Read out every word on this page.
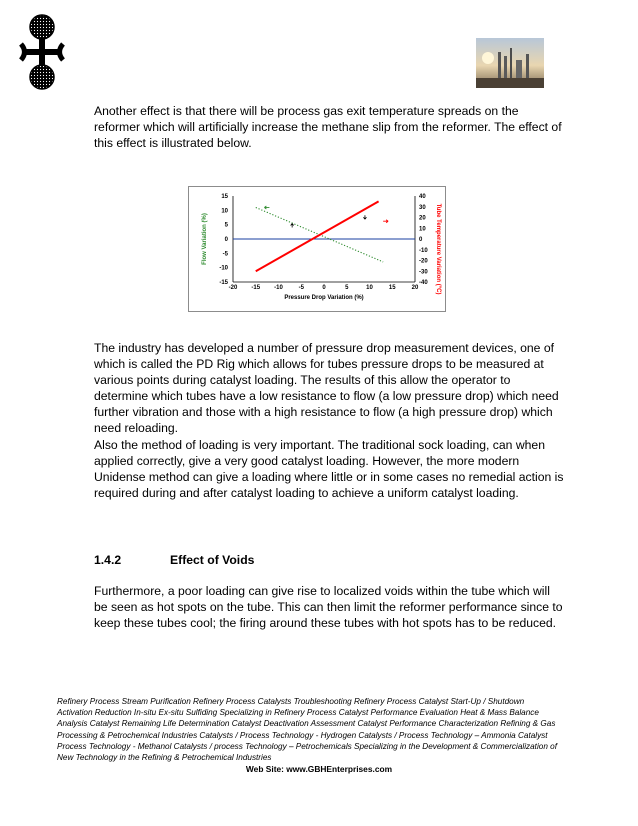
Another effect is that there will be process gas exit temperature spreads on the reformer which will artificially increase the methane slip from the reformer. The effect of this effect is illustrated below.

-20 -15 -10	-5	0	5	10	15	20
15
10
5
0
-5
-10
-15
40
30
20
10
0
-10
-20
-30
-40
Pressure Drop Variation (%)
Flow Variation (%)	Tube Temperature Variation (°C)

The industry has developed a number of pressure drop measurement devices, one of which is called the PD Rig which allows for tubes pressure drops to be measured at various points during catalyst loading. The results of this allow the operator to determine which tubes have a low resistance to flow (a low pressure drop) which need further vibration and those with a high resistance to flow (a high pressure drop) which need reloading.

Also the method of loading is very important. The traditional sock loading, can when applied correctly, give a very good catalyst loading. However, the more modern Unidense method can give a loading where little or in some cases no remedial action is required during and after catalyst loading to achieve a uniform catalyst loading.

1.4.2	Effect of Voids

Furthermore, a poor loading can give rise to localized voids within the tube which will be seen as hot spots on the tube. This can then limit the reformer performance since to keep these tubes cool; the firing around these tubes with hot spots has to be reduced.

Refinery Process Stream Purification Refinery Process Catalysts Troubleshooting Refinery Process Catalyst Start-Up / Shutdown Activation Reduction In-situ Ex-situ Sulfiding Specializing in Refinery Process Catalyst Performance Evaluation Heat & Mass Balance Analysis Catalyst Remaining Life Determination Catalyst Deactivation Assessment Catalyst Performance Characterization Refining & Gas Processing & Petrochemical Industries Catalysts / Process Technology - Hydrogen Catalysts / Process Technology – Ammonia Catalyst Process Technology - Methanol Catalysts / process Technology – Petrochemicals Specializing in the Development & Commercialization of New Technology in the Refining & Petrochemical Industries

Web Site: www.GBHEnterprises.com
